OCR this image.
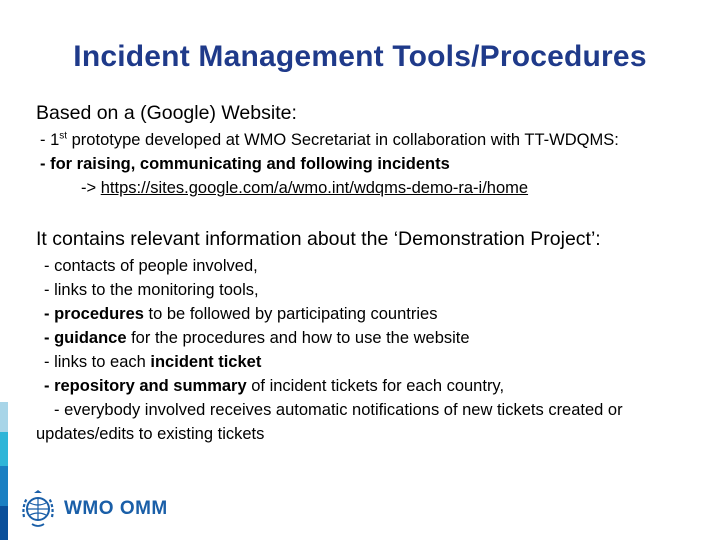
Incident Management Tools/Procedures

Based on a (Google) Website:

- 1st prototype developed at WMO Secretariat in collaboration with TT-WDQMS:
- for raising, communicating and following incidents
-> https://sites.google.com/a/wmo.int/wdqms-demo-ra-i/home

It contains relevant information about the ‘Demonstration Project’:

- contacts of people involved,
- links to the monitoring tools,
- procedures to be followed by participating countries
- guidance for the procedures and how to use the website
- links to each incident ticket
- repository and summary of incident tickets for each country,
- everybody involved receives automatic notifications of new tickets created or updates/edits to existing tickets
WMO OMM
